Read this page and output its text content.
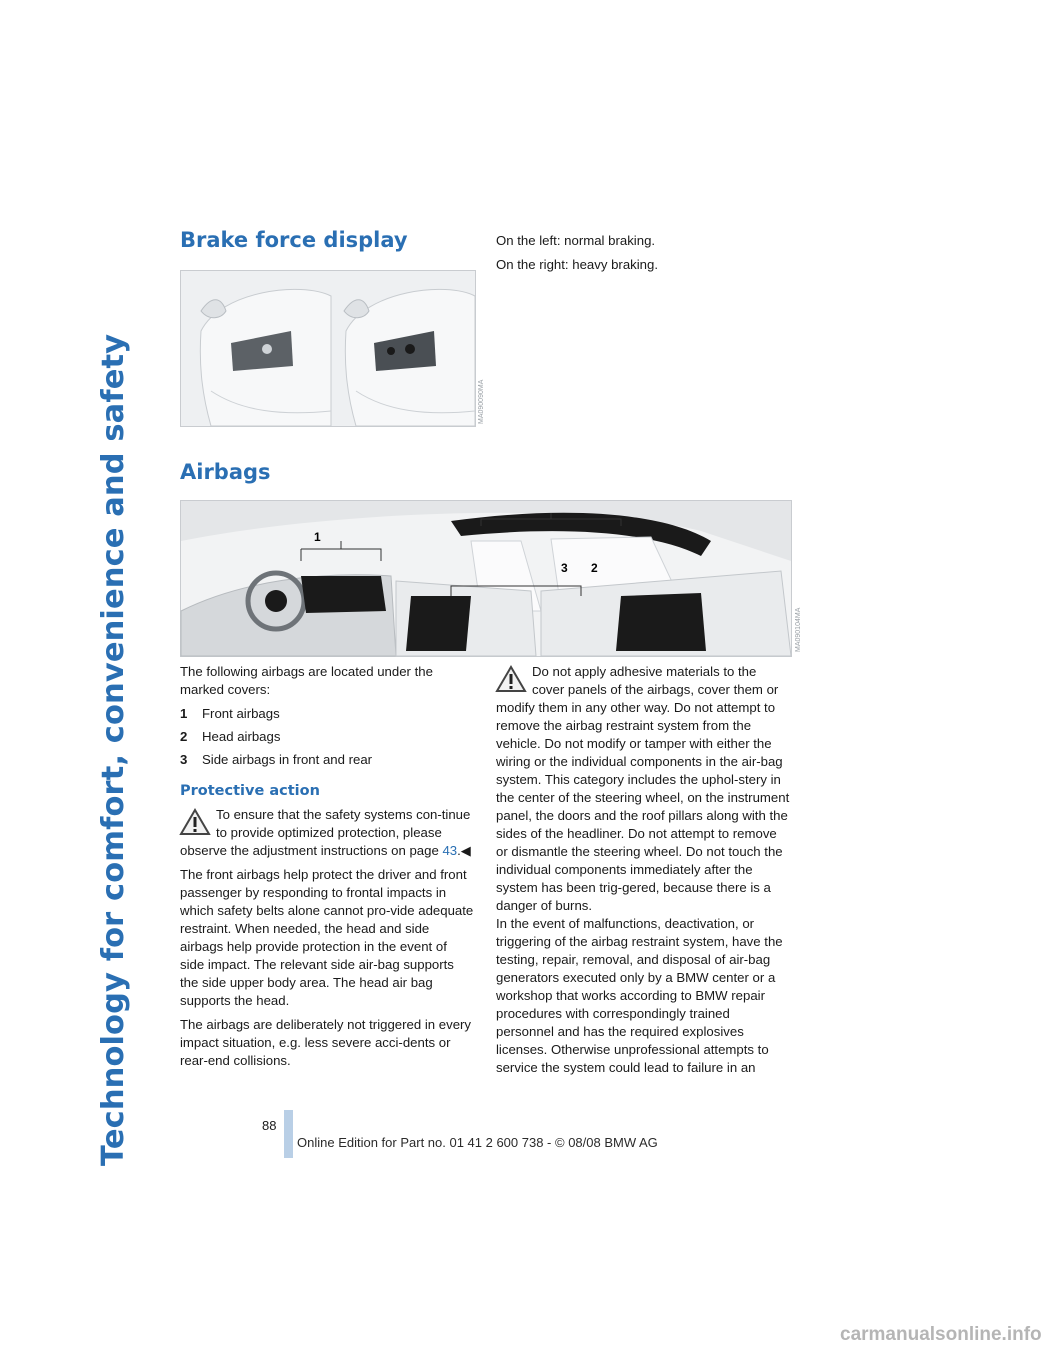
Technology for comfort, convenience and safety
Brake force display
MA090090MA

On the left: normal braking.

On the right: heavy braking.

Airbags
1
3 2
MA090104MA

The following airbags are located under the marked covers:

1	Front airbags
2	Head airbags
3	Side airbags in front and rear
Protective action

To ensure that the safety systems con-tinue to provide optimized protection, please observe the adjustment instructions on page 43.◀

The front airbags help protect the driver and front passenger by responding to frontal impacts in which safety belts alone cannot pro-vide adequate restraint. When needed, the head and side airbags help provide protection in the event of side impact. The relevant side air-bag supports the side upper body area. The head air bag supports the head.

The airbags are deliberately not triggered in every impact situation, e.g. less severe acci-dents or rear-end collisions.

Do not apply adhesive materials to the cover panels of the airbags, cover them or modify them in any other way. Do not attempt to remove the airbag restraint system from the vehicle. Do not modify or tamper with either the wiring or the individual components in the air-bag system. This category includes the uphol-stery in the center of the steering wheel, on the instrument panel, the doors and the roof pillars along with the sides of the headliner. Do not attempt to remove or dismantle the steering wheel. Do not touch the individual components immediately after the system has been trig-gered, because there is a danger of burns.

In the event of malfunctions, deactivation, or triggering of the airbag restraint system, have the testing, repair, removal, and disposal of air-bag generators executed only by a BMW center or a workshop that works according to BMW repair procedures with correspondingly trained personnel and has the required explosives licenses. Otherwise unprofessional attempts to service the system could lead to failure in an

88
Online Edition for Part no. 01 41 2 600 738 - © 08/08 BMW AG
carmanualsonline.info
